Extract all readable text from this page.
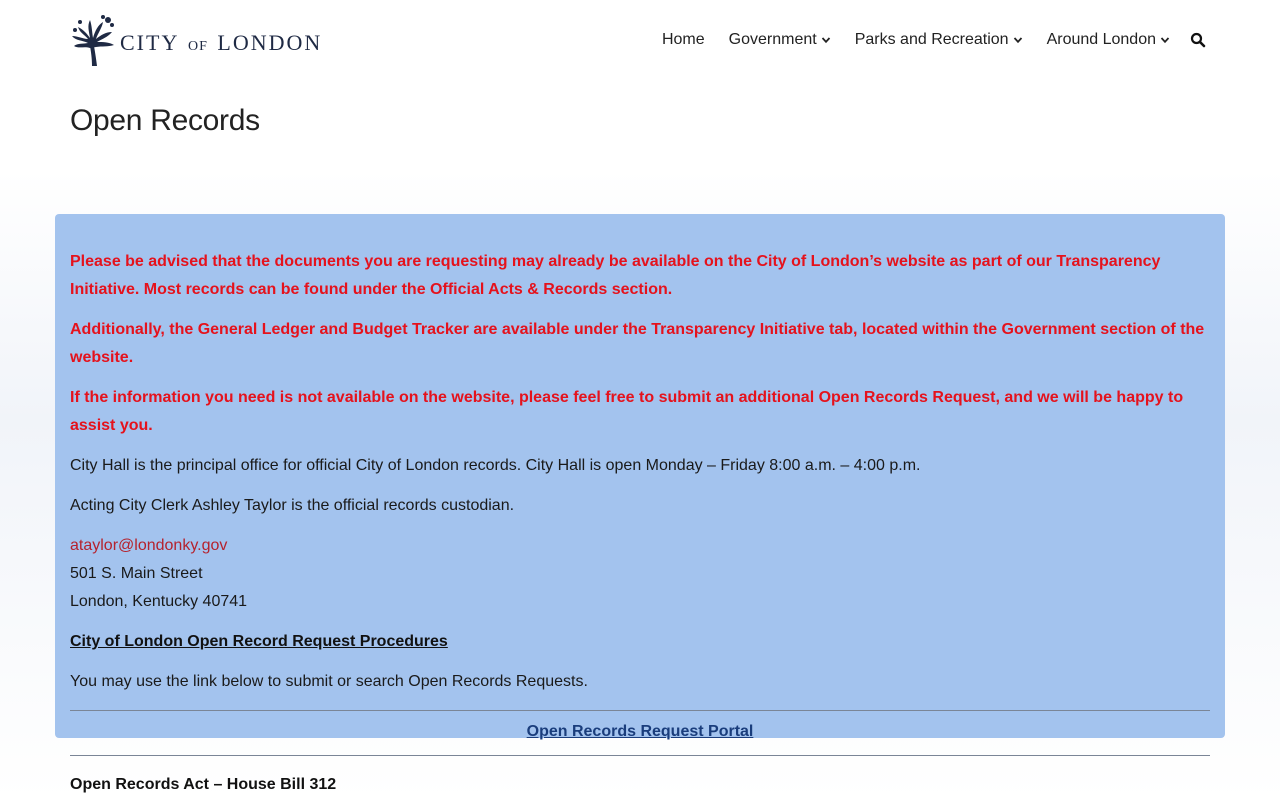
CITY OF LONDON	Home Government Parks and Recreation Around London
Open Records

Please be advised that the documents you are requesting may already be available on the City of London’s website as part of our Transparency Initiative. Most records can be found under the Official Acts & Records section.

Additionally, the General Ledger and Budget Tracker are available under the Transparency Initiative tab, located within the Government section of the website.

If the information you need is not available on the website, please feel free to submit an additional Open Records Request, and we will be happy to assist you.

City Hall is the principal office for official City of London records. City Hall is open Monday – Friday 8:00 a.m. – 4:00 p.m.

Acting City Clerk Ashley Taylor is the official records custodian.

ataylor@londonky.gov
501 S. Main Street
London, Kentucky 40741

City of London Open Record Request Procedures

You may use the link below to submit or search Open Records Requests.

Open Records Request Portal
Open Records Act – House Bill 312
